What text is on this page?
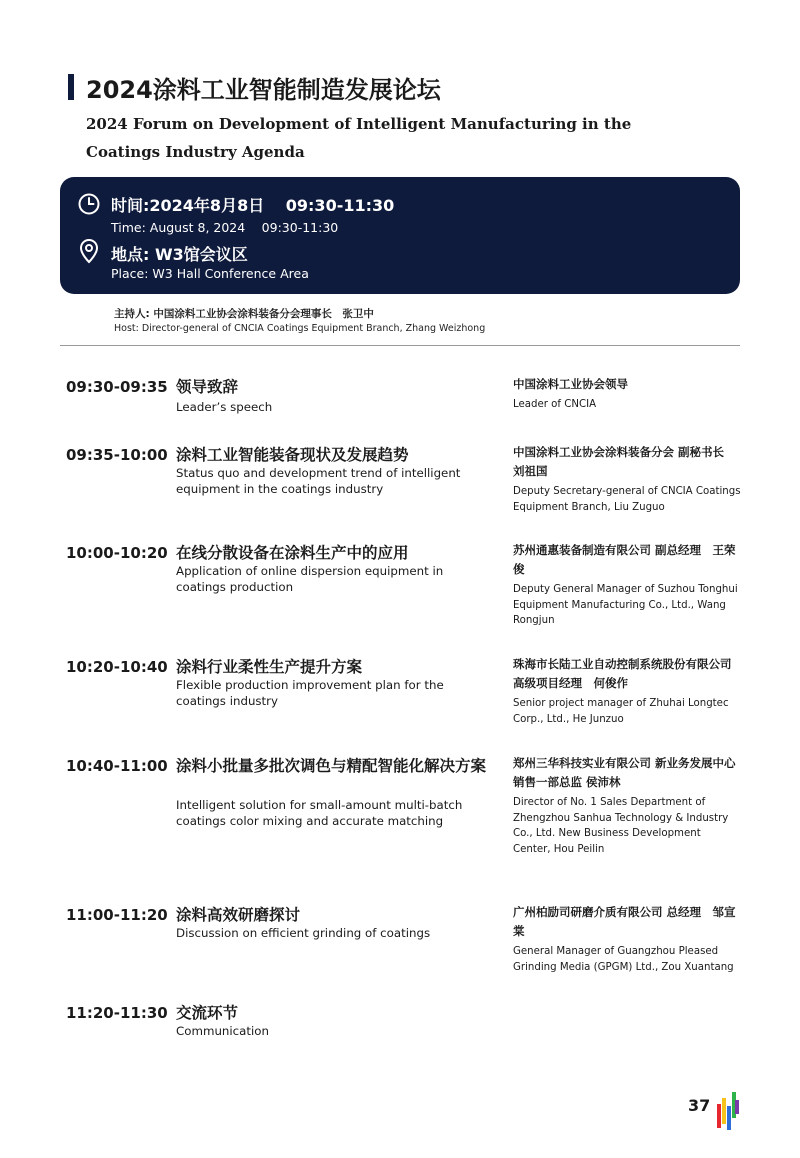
2024涂料工业智能制造发展论坛
2024 Forum on Development of Intelligent Manufacturing in the Coatings Industry Agenda
时间:2024年8月8日　 09:30-11:30
Time: August 8, 2024　 09:30-11:30
地点: W3馆会议区
Place: W3 Hall Conference Area
主持人: 中国涂料工业协会涂料装备分会理事长　张卫中
Host: Director-general of CNCIA Coatings Equipment Branch, Zhang Weizhong
09:30-09:35 领导致辞
Leader’s speech
中国涂料工业协会领导
Leader of CNCIA
09:35-10:00 涂料工业智能装备现状及发展趋势
Status quo and development trend of intelligent equipment in the coatings industry
中国涂料工业协会涂料装备分会 副秘书长　刘祖国
Deputy Secretary-general of CNCIA Coatings Equipment Branch, Liu Zuguo
10:00-10:20 在线分散设备在涂料生产中的应用
Application of online dispersion equipment in coatings production
苏州通惠装备制造有限公司 副总经理　王荣俊
Deputy General Manager of Suzhou Tonghui Equipment Manufacturing Co., Ltd., Wang Rongjun
10:20-10:40 涂料行业柔性生产提升方案
Flexible production improvement plan for the coatings industry
珠海市长陆工业自动控制系统股份有限公司　高级项目经理　何俊作
Senior project manager of Zhuhai Longtec Corp., Ltd., He Junzuo
10:40-11:00 涂料小批量多批次调色与精配智能化解决方案
Intelligent solution for small-amount multi-batch coatings color mixing and accurate matching
郑州三华科技实业有限公司 新业务发展中心　销售一部总监 侯沛林
Director of No. 1 Sales Department of Zhengzhou Sanhua Technology & Industry Co., Ltd. New Business Development Center, Hou Peilin
11:00-11:20 涂料高效研磨探讨
Discussion on efficient grinding of coatings
广州柏励司研磨介质有限公司 总经理　邹宣棠
General Manager of Guangzhou Pleased Grinding Media (GPGM) Ltd., Zou Xuantang
11:20-11:30 交流环节
Communication
37
